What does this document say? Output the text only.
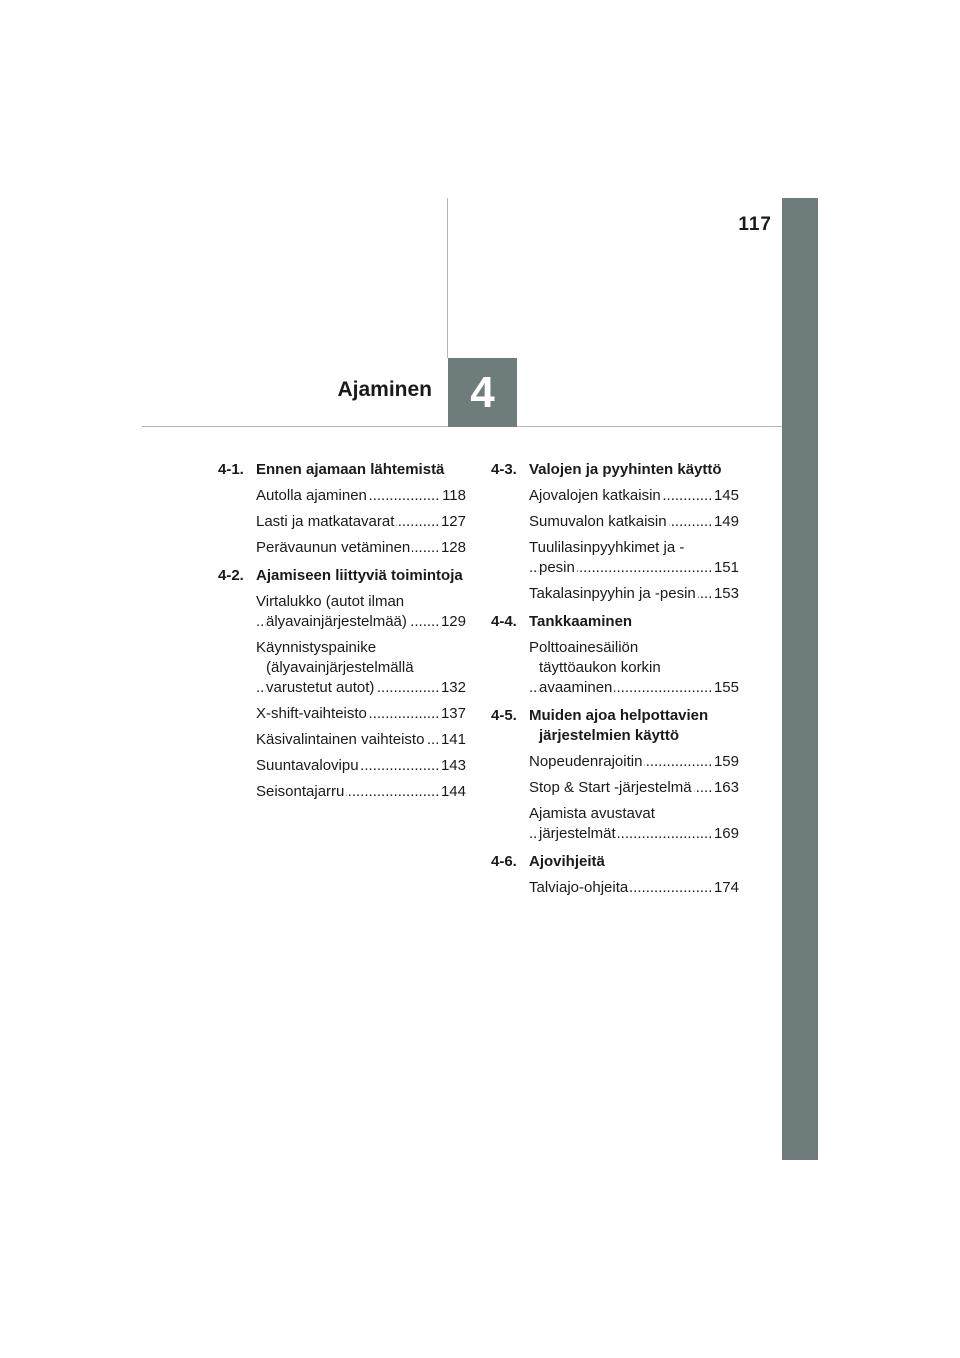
117
Ajaminen 4
4-1. Ennen ajamaan lähtemistä
Autolla ajaminen .....	118
Lasti ja matkatavarat .....	127
Perävaunun vetäminen .....	128
4-2. Ajamiseen liittyviä toimintoja
Virtalukko (autot ilman älyavainjärjestelmää) .....	129
Käynnistyspainike (älyavainjärjestelmällä varustetut autot) .....	132
X-shift-vaihteisto .....	137
Käsivalintainen vaihteisto .....	141
Suuntavalovipu .....	143
Seisontajarru .....	144
4-3. Valojen ja pyyhinten käyttö
Ajovalojen katkaisin .....	145
Sumuvalon katkaisin .....	149
Tuulilasinpyyhkimet ja -pesin .....	151
Takalasinpyyhin ja -pesin .....	153
4-4. Tankkaaminen
Polttoainesäiliön täyttöaukon korkin avaaminen .....	155
4-5. Muiden ajoa helpottavien järjestelmien käyttö
Nopeudenrajoitin .....	159
Stop & Start -järjestelmä .....	163
Ajamista avustavat järjestelmät .....	169
4-6. Ajovihjeitä
Talviajo-ohjeita .....	174
